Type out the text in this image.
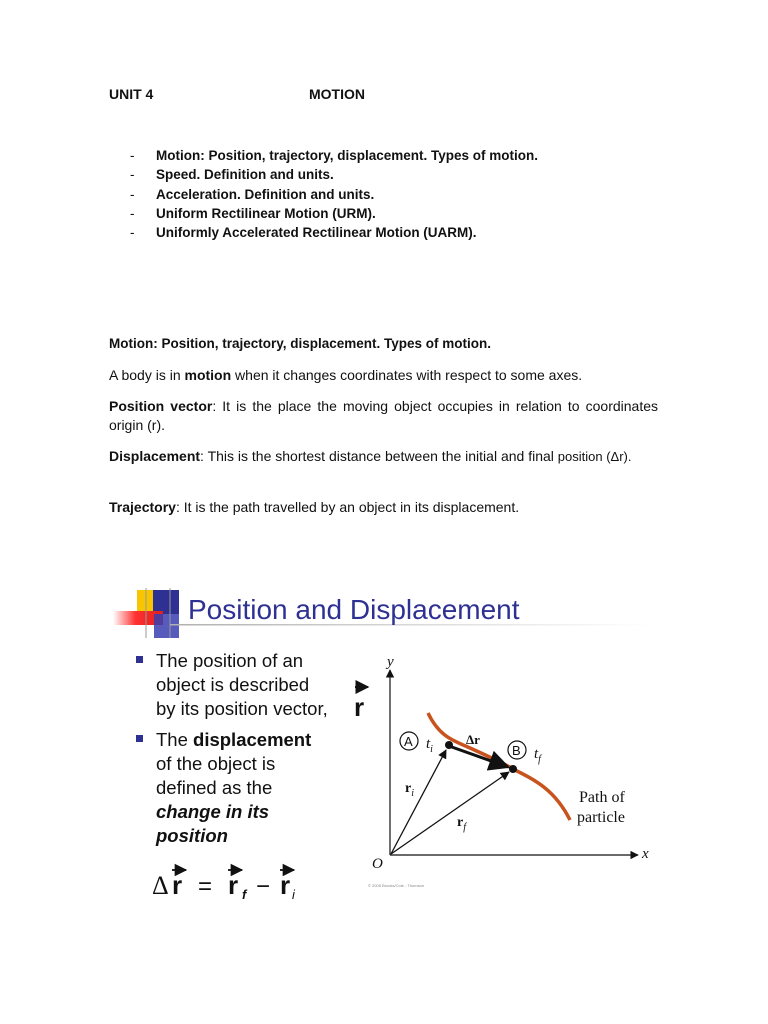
UNIT 4	MOTION
- Motion: Position, trajectory, displacement. Types of motion.
- Speed. Definition and units.
- Acceleration. Definition and units.
- Uniform Rectilinear Motion (URM).
- Uniformly Accelerated Rectilinear Motion (UARM).
Motion: Position, trajectory, displacement. Types of motion.
A body is in motion when it changes coordinates with respect to some axes.
Position vector: It is the place the moving object occupies in relation to coordinates origin (r).
Displacement: This is the shortest distance between the initial and final position (Δr).
Trajectory: It is the path travelled by an object in its displacement.
Position and Displacement
The position of an
object is described
by its position vector, r
The displacement
of the object is
defined as the
change in its
position
Δ r = r f − r i
y
x
O
A $t_i$	B $t_f$
Δr
$r_i$
$r_f$
Path of
particle
© 2005 Brooks/Cole - Thomson
